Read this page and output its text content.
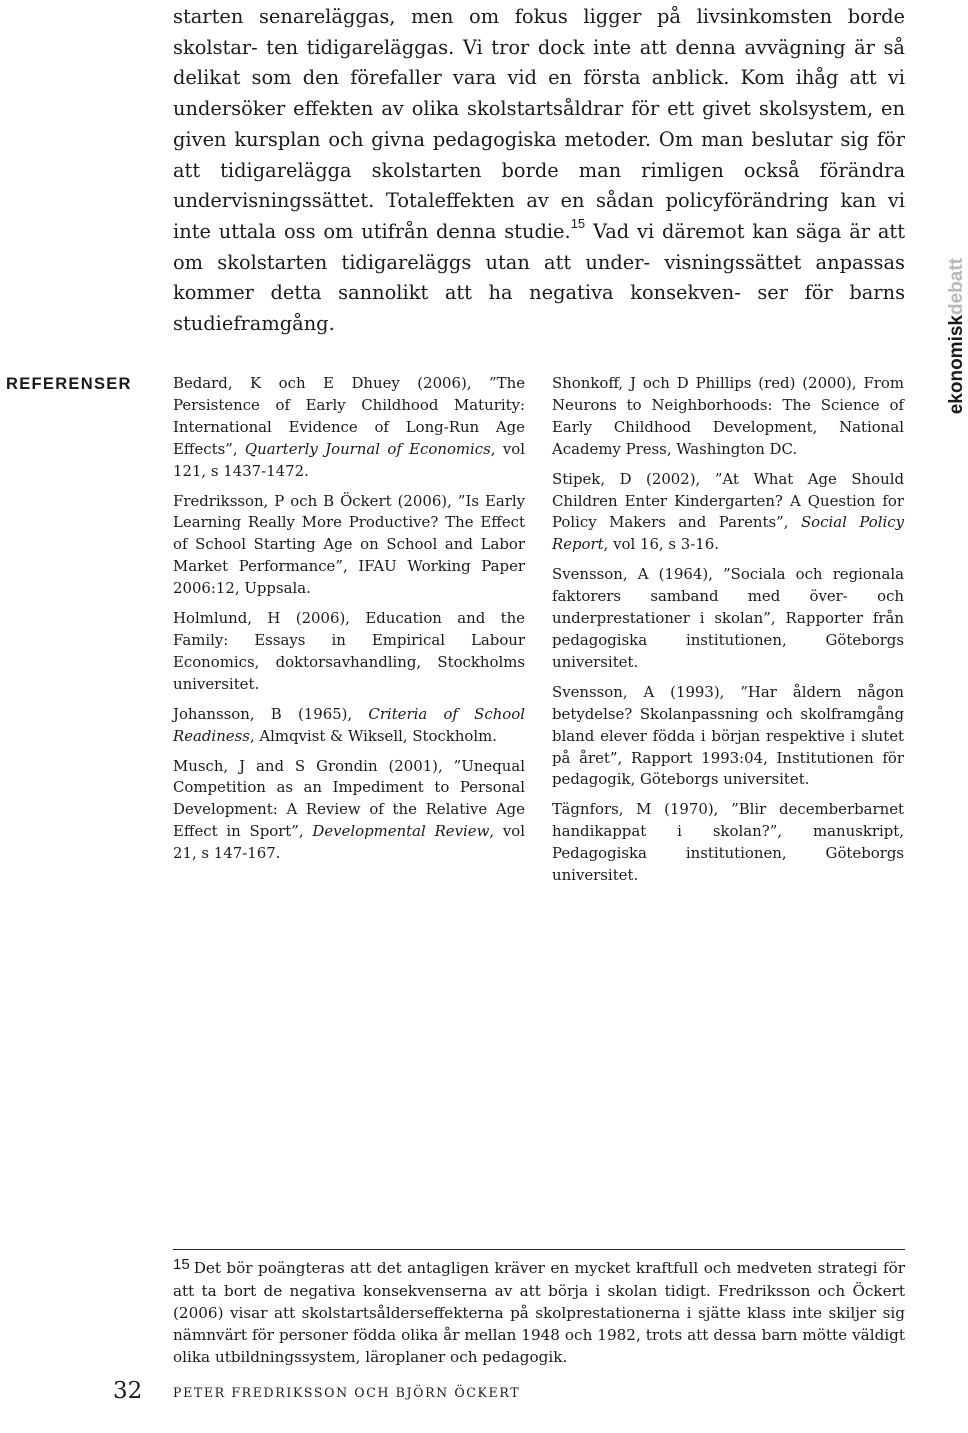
starten senareläggas, men om fokus ligger på livsinkomsten borde skolstar- ten tidigareläggas. Vi tror dock inte att denna avvägning är så delikat som den förefaller vara vid en första anblick. Kom ihåg att vi undersöker effekten av olika skolstartsåldrar för ett givet skolsystem, en given kursplan och givna pedagogiska metoder. Om man beslutar sig för att tidigarelägga skolstarten borde man rimligen också förändra undervisningssättet. Totaleffekten av en sådan policyförändring kan vi inte uttala oss om utifrån denna studie.$^{15}$ Vad vi däremot kan säga är att om skolstarten tidigareläggs utan att under- visningssättet anpassas kommer detta sannolikt att ha negativa konsekven- ser för barns studieframgång.	ekonomiskdebatt
REFERENSER	Bedard, K och E Dhuey (2006), ”The Persistence of Early Childhood Maturity: International Evidence of Long-Run Age Effects”, Quarterly Journal of Economics, vol 121, s 1437-1472.

Fredriksson, P och B Öckert (2006), ”Is Early Learning Really More Productive? The Effect of School Starting Age on School and Labor Market Performance”, IFAU Working Paper 2006:12, Uppsala.

Holmlund, H (2006), Education and the Family: Essays in Empirical Labour Economics, doktorsavhandling, Stockholms universitet.

Johansson, B (1965), Criteria of School Readiness, Almqvist & Wiksell, Stockholm.

Musch, J and S Grondin (2001), ”Unequal Competition as an Impediment to Personal Development: A Review of the Relative Age Effect in Sport”, Developmental Review, vol 21, s 147-167.

Shonkoff, J och D Phillips (red) (2000), From Neurons to Neighborhoods: The Science of Early Childhood Development, National Academy Press, Washington DC.

Stipek, D (2002), ”At What Age Should Children Enter Kindergarten? A Question for Policy Makers and Parents”, Social Policy Report, vol 16, s 3-16.

Svensson, A (1964), ”Sociala och regionala faktorers samband med över- och underprestationer i skolan”, Rapporter från pedagogiska institutionen, Göteborgs universitet.

Svensson, A (1993), ”Har åldern någon betydelse? Skolanpassning och skolframgång bland elever födda i början respektive i slutet på året”, Rapport 1993:04, Institutionen för pedagogik, Göteborgs universitet.

Tägnfors, M (1970), ”Blir decemberbarnet handikappat i skolan?”, manuskript, Pedagogiska institutionen, Göteborgs universitet.

15 Det bör poängteras att det antagligen kräver en mycket kraftfull och medveten strategi för att ta bort de negativa konsekvenserna av att börja i skolan tidigt. Fredriksson och Öckert (2006) visar att skolstartsålderseffekterna på skolprestationerna i sjätte klass inte skiljer sig nämnvärt för personer födda olika år mellan 1948 och 1982, trots att dessa barn mötte väldigt olika utbildningssystem, läroplaner och pedagogik.
32 PETER FREDRIKSSON OCH BJÖRN ÖCKERT
